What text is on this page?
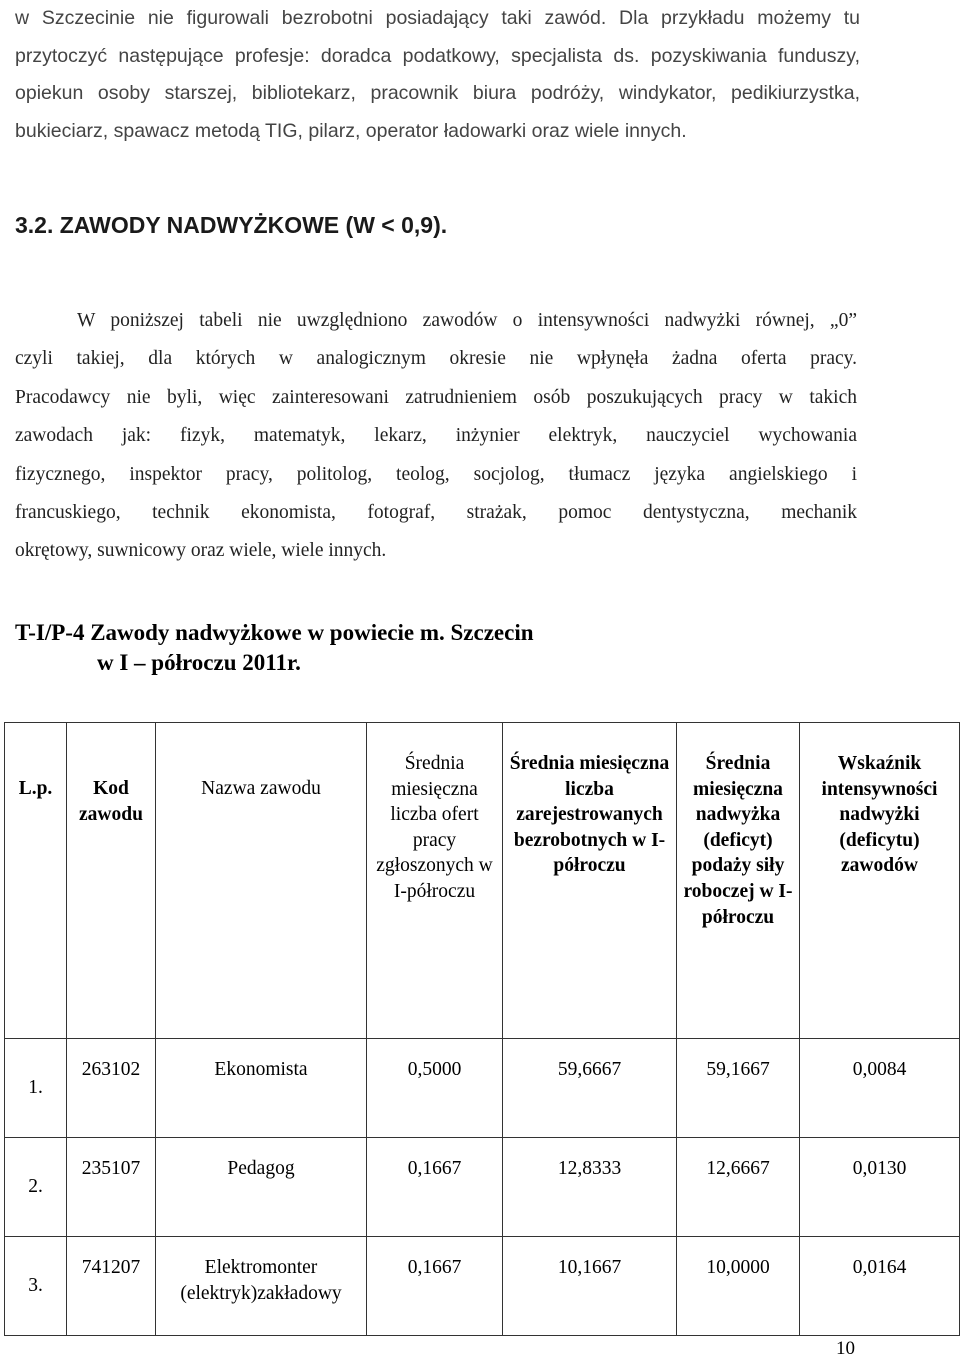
w Szczecinie nie figurowali bezrobotni posiadający taki zawód. Dla przykładu możemy tu
przytoczyć następujące profesje: doradca podatkowy, specjalista ds. pozyskiwania funduszy,
opiekun osoby starszej, bibliotekarz, pracownik biura podróży, windykator, pedikiurzystka,
bukieciarz, spawacz metodą TIG, pilarz, operator ładowarki oraz wiele innych.
3.2. ZAWODY NADWYŻKOWE (W < 0,9).
W poniższej tabeli nie uwzględniono zawodów o intensywności nadwyżki równej, „0”
czyli takiej, dla których w analogicznym okresie nie wpłynęła żadna oferta pracy.
Pracodawcy nie byli, więc zainteresowani zatrudnieniem osób poszukujących pracy w takich
zawodach jak: fizyk, matematyk, lekarz, inżynier elektryk, nauczyciel wychowania
fizycznego, inspektor pracy, politolog, teolog, socjolog, tłumacz języka angielskiego i
francuskiego, technik ekonomista, fotograf, strażak, pomoc dentystyczna, mechanik
okrętowy, suwnicowy oraz wiele, wiele innych.
T-I/P-4 Zawody nadwyżkowe w powiecie m. Szczecin
w I – półroczu 2011r.
L.p.	Kod zawodu	Nazwa zawodu	Średnia miesięczna liczba ofert pracy zgłoszonych w I-półroczu	Średnia miesięczna liczba zarejestrowanych bezrobotnych w I-półroczu	Średnia miesięczna nadwyżka (deficyt) podaży siły roboczej w I-półroczu	Wskaźnik intensywności nadwyżki (deficytu) zawodów
1.	263102	Ekonomista	0,5000	59,6667	59,1667	0,0084
2.	235107	Pedagog	0,1667	12,8333	12,6667	0,0130
3.	741207	Elektromonter (elektryk)zakładowy	0,1667	10,1667	10,0000	0,0164
10
